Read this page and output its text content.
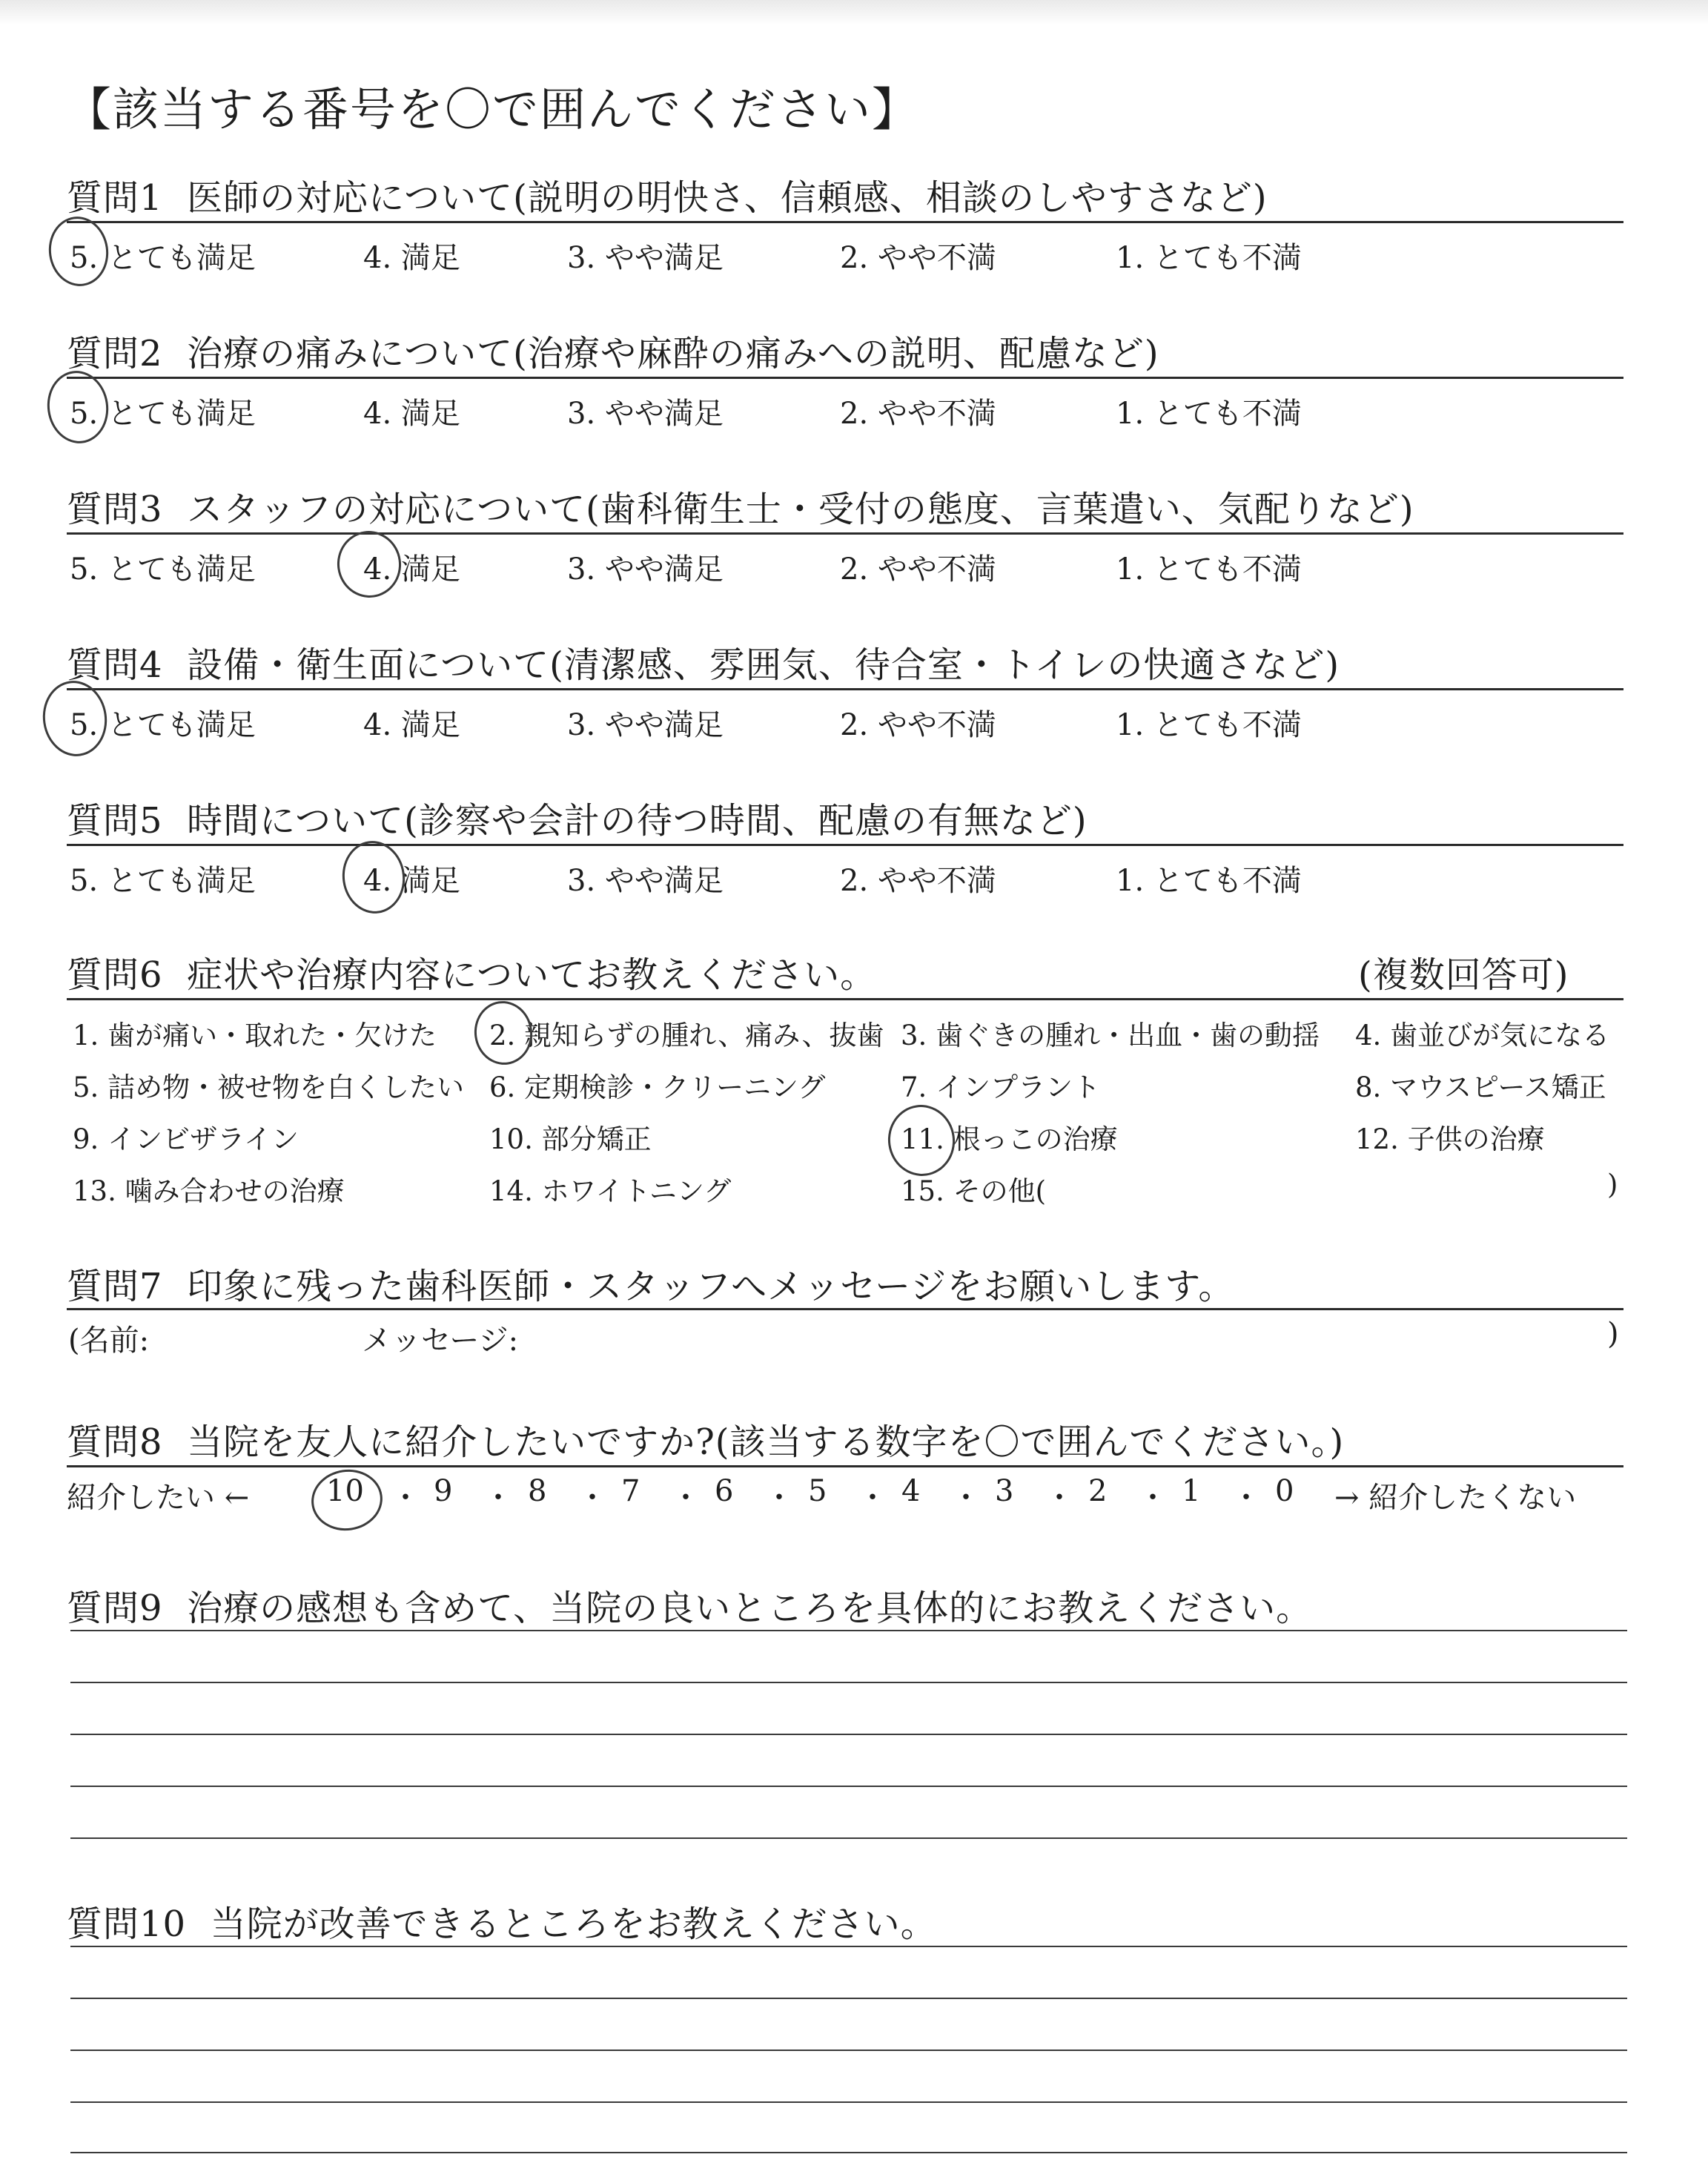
【該当する番号を〇で囲んでください】
質問1 医師の対応について(説明の明快さ、信頼感、相談のしやすさなど)
5. とても満足	4. 満足	3. やや満足	2. やや不満	1. とても不満
質問2 治療の痛みについて(治療や麻酔の痛みへの説明、配慮など)
5. とても満足	4. 満足	3. やや満足	2. やや不満	1. とても不満
質問3 スタッフの対応について(歯科衛生士・受付の態度、言葉遣い、気配りなど)
5. とても満足	4. 満足	3. やや満足	2. やや不満	1. とても不満
質問4 設備・衛生面について(清潔感、雰囲気、待合室・トイレの快適さなど)
5. とても満足	4. 満足	3. やや満足	2. やや不満	1. とても不満
質問5 時間について(診察や会計の待つ時間、配慮の有無など)
5. とても満足	4. 満足	3. やや満足	2. やや不満	1. とても不満
質問6 症状や治療内容についてお教えください。	(複数回答可)
1. 歯が痛い・取れた・欠けた 2. 親知らずの腫れ、痛み、抜歯 3. 歯ぐきの腫れ・出血・歯の動揺 4. 歯並びが気になる
5. 詰め物・被せ物を白くしたい 6. 定期検診・クリーニング	7. インプラント	8. マウスピース矯正
9. インビザライン	10. 部分矯正	11. 根っこの治療	12. 子供の治療
13. 噛み合わせの治療	14. ホワイトニング	15. その他(	)
質問7 印象に残った歯科医師・スタッフへメッセージをお願いします。
(名前:	メッセージ:	)
質問8 当院を友人に紹介したいですか?(該当する数字を〇で囲んでください。)
紹介したい ←	10 ・ 9 ・ 8 ・ 7 ・ 6 ・ 5 ・ 4 ・ 3 ・ 2 ・ 1 ・ 0 → 紹介したくない
質問9 治療の感想も含めて、当院の良いところを具体的にお教えください。
質問10 当院が改善できるところをお教えください。
